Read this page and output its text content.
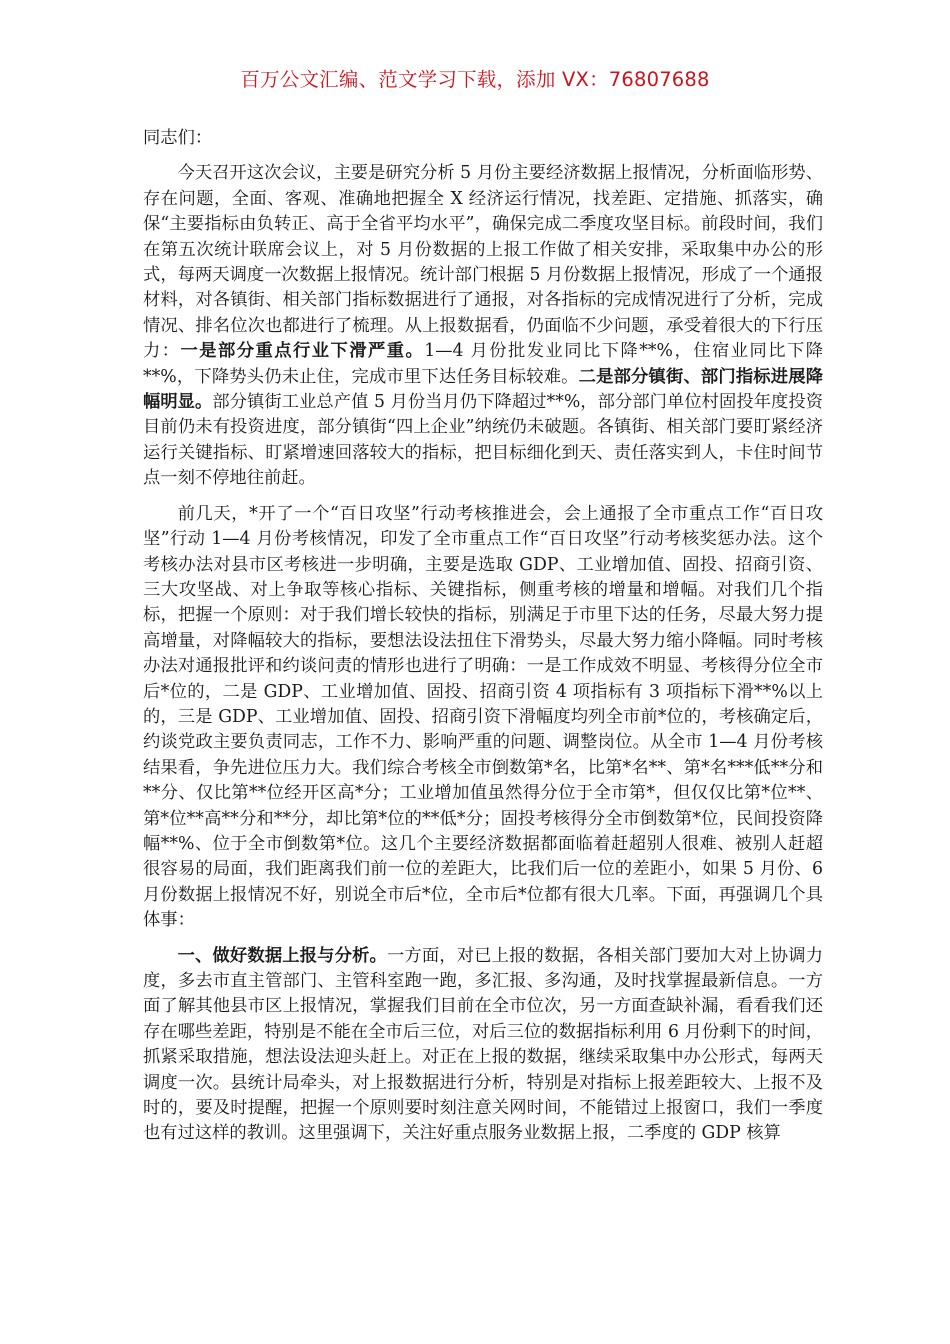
百万公文汇编、范文学习下载，添加 VX：76807688

同志们：

今天召开这次会议，主要是研究分析 5 月份主要经济数据上报情况，分析面临形势、存在问题，全面、客观、准确地把握全 X 经济运行情况，找差距、定措施、抓落实，确保“主要指标由负转正、高于全省平均水平”，确保完成二季度攻坚目标。前段时间，我们在第五次统计联席会议上，对 5 月份数据的上报工作做了相关安排，采取集中办公的形式，每两天调度一次数据上报情况。统计部门根据 5 月份数据上报情况，形成了一个通报材料，对各镇街、相关部门指标数据进行了通报，对各指标的完成情况进行了分析，完成情况、排名位次也都进行了梳理。从上报数据看，仍面临不少问题，承受着很大的下行压力：一是部分重点行业下滑严重。1—4 月份批发业同比下降**%，住宿业同比下降**%，下降势头仍未止住，完成市里下达任务目标较难。二是部分镇街、部门指标进展降幅明显。部分镇街工业总产值 5 月份当月仍下降超过**%，部分部门单位村固投年度投资目前仍未有投资进度，部分镇街“四上企业”纳统仍未破题。各镇街、相关部门要盯紧经济运行关键指标、盯紧增速回落较大的指标，把目标细化到天、责任落实到人，卡住时间节点一刻不停地往前赶。

前几天，*开了一个“百日攻坚”行动考核推进会，会上通报了全市重点工作“百日攻坚”行动 1—4 月份考核情况，印发了全市重点工作“百日攻坚”行动考核奖惩办法。这个考核办法对县市区考核进一步明确，主要是选取 GDP、工业增加值、固投、招商引资、三大攻坚战、对上争取等核心指标、关键指标，侧重考核的增量和增幅。对我们几个指标，把握一个原则：对于我们增长较快的指标，别满足于市里下达的任务，尽最大努力提高增量，对降幅较大的指标，要想法设法扭住下滑势头，尽最大努力缩小降幅。同时考核办法对通报批评和约谈问责的情形也进行了明确：一是工作成效不明显、考核得分位全市后*位的，二是 GDP、工业增加值、固投、招商引资 4 项指标有 3 项指标下滑**%以上的，三是 GDP、工业增加值、固投、招商引资下滑幅度均列全市前*位的，考核确定后，约谈党政主要负责同志，工作不力、影响严重的问题、调整岗位。从全市 1—4 月份考核结果看，争先进位压力大。我们综合考核全市倒数第*名，比第*名**、第*名***低**分和**分、仅比第**位经开区高*分；工业增加值虽然得分位于全市第*，但仅仅比第*位**、第*位**高**分和**分，却比第*位的**低*分；固投考核得分全市倒数第*位，民间投资降幅**%、位于全市倒数第*位。这几个主要经济数据都面临着赶超别人很难、被别人赶超很容易的局面，我们距离我们前一位的差距大，比我们后一位的差距小，如果 5 月份、6 月份数据上报情况不好，别说全市后*位，全市后*位都有很大几率。下面，再强调几个具体事：

一、做好数据上报与分析。一方面，对已上报的数据，各相关部门要加大对上协调力度，多去市直主管部门、主管科室跑一跑，多汇报、多沟通，及时找掌握最新信息。一方面了解其他县市区上报情况，掌握我们目前在全市位次，另一方面查缺补漏，看看我们还存在哪些差距，特别是不能在全市后三位，对后三位的数据指标利用 6 月份剩下的时间，抓紧采取措施，想法设法迎头赶上。对正在上报的数据，继续采取集中办公形式，每两天调度一次。县统计局牵头，对上报数据进行分析，特别是对指标上报差距较大、上报不及时的，要及时提醒，把握一个原则要时刻注意关网时间，不能错过上报窗口，我们一季度也有过这样的教训。这里强调下，关注好重点服务业数据上报，二季度的 GDP 核算
